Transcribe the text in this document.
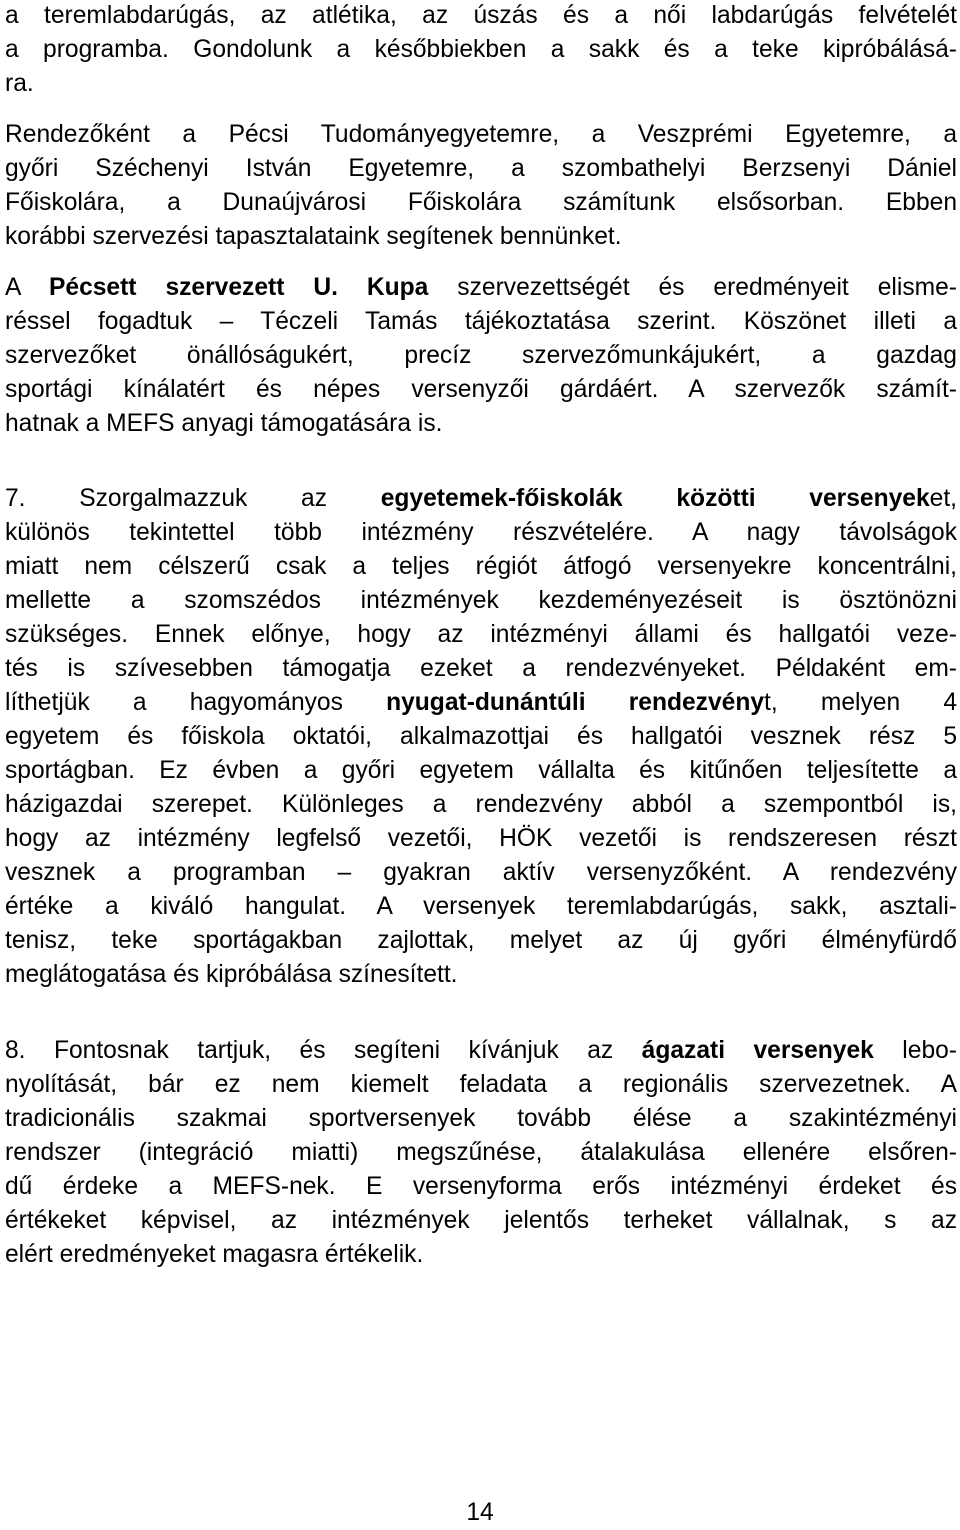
a teremlabdarúgás, az atlétika, az úszás és a női labdarúgás felvételét
a programba. Gondolunk a későbbiekben a sakk és a teke kipróbálásá-
ra.
Rendezőként a Pécsi Tudományegyetemre, a Veszprémi Egyetemre, a
győri Széchenyi István Egyetemre, a szombathelyi Berzsenyi Dániel
Főiskolára, a Dunaújvárosi Főiskolára számítunk elsősorban. Ebben
korábbi szervezési tapasztalataink segítenek bennünket.
A Pécsett szervezett U. Kupa szervezettségét és eredményeit elisme-
réssel fogadtuk – Téczeli Tamás tájékoztatása szerint. Köszönet illeti a
szervezőket önállóságukért, precíz szervezőmunkájukért, a gazdag
sportági kínálatért és népes versenyzői gárdáért. A szervezők számít-
hatnak a MEFS anyagi támogatására is.
7. Szorgalmazzuk az egyetemek-főiskolák közötti versenyeket,
különös tekintettel több intézmény részvételére. A nagy távolságok
miatt nem célszerű csak a teljes régiót átfogó versenyekre koncentrálni,
mellette a szomszédos intézmények kezdeményezéseit is ösztönözni
szükséges. Ennek előnye, hogy az intézményi állami és hallgatói veze-
tés is szívesebben támogatja ezeket a rendezvényeket. Példaként em-
líthetjük a hagyományos nyugat-dunántúli rendezvényt, melyen 4
egyetem és főiskola oktatói, alkalmazottjai és hallgatói vesznek rész 5
sportágban. Ez évben a győri egyetem vállalta és kitűnően teljesítette a
házigazdai szerepet. Különleges a rendezvény abból a szempontból is,
hogy az intézmény legfelső vezetői, HÖK vezetői is rendszeresen részt
vesznek a programban – gyakran aktív versenyzőként. A rendezvény
értéke a kiváló hangulat. A versenyek teremlabdarúgás, sakk, asztali-
tenisz, teke sportágakban zajlottak, melyet az új győri élményfürdő
meglátogatása és kipróbálása színesített.
8. Fontosnak tartjuk, és segíteni kívánjuk az ágazati versenyek lebo-
nyolítását, bár ez nem kiemelt feladata a regionális szervezetnek. A
tradicionális szakmai sportversenyek tovább élése a szakintézményi
rendszer (integráció miatti) megszűnése, átalakulása ellenére elsőren-
dű érdeke a MEFS-nek. E versenyforma erős intézményi érdeket és
értékeket képvisel, az intézmények jelentős terheket vállalnak, s az
elért eredményeket magasra értékelik.
14
